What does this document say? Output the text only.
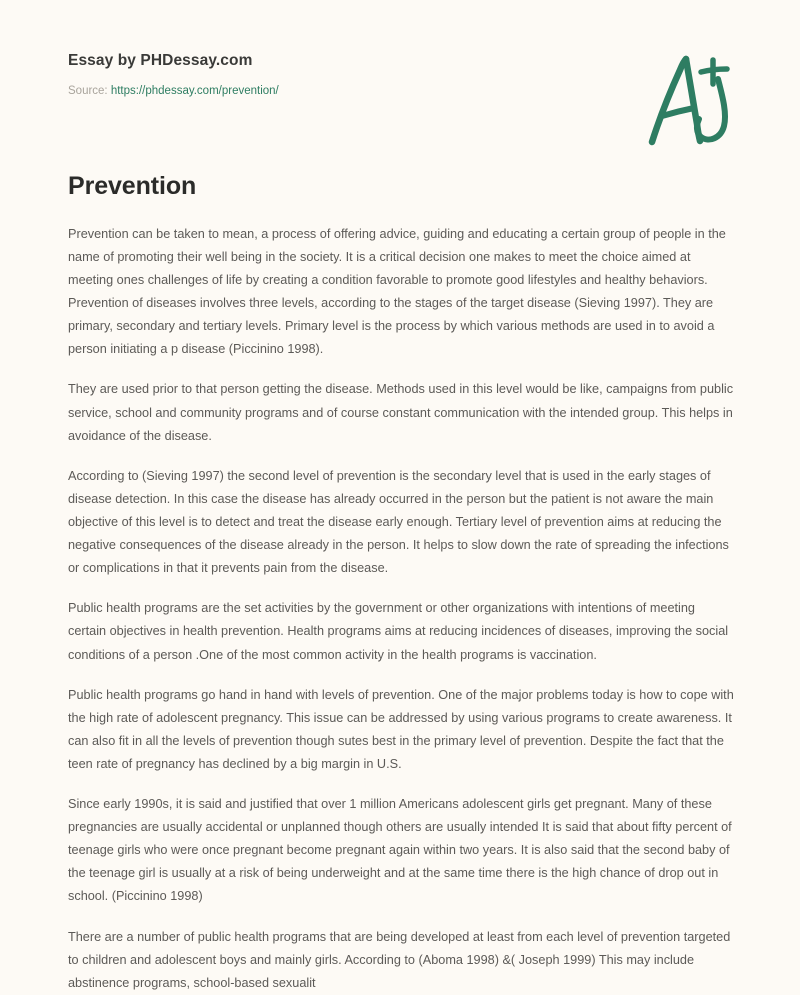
Essay by PHDessay.com
Source: https://phdessay.com/prevention/
Prevention

Prevention can be taken to mean, a process of offering advice, guiding and educating a certain group of people in the name of promoting their well being in the society. It is a critical decision one makes to meet the choice aimed at meeting ones challenges of life by creating a condition favorable to promote good lifestyles and healthy behaviors. Prevention of diseases involves three levels, according to the stages of the target disease (Sieving 1997). They are primary, secondary and tertiary levels. Primary level is the process by which various methods are used in to avoid a person initiating a p disease (Piccinino 1998).

They are used prior to that person getting the disease. Methods used in this level would be like, campaigns from public service, school and community programs and of course constant communication with the intended group. This helps in avoidance of the disease.

According to (Sieving 1997) the second level of prevention is the secondary level that is used in the early stages of disease detection. In this case the disease has already occurred in the person but the patient is not aware the main objective of this level is to detect and treat the disease early enough. Tertiary level of prevention aims at reducing the negative consequences of the disease already in the person. It helps to slow down the rate of spreading the infections or complications in that it prevents pain from the disease.

Public health programs are the set activities by the government or other organizations with intentions of meeting certain objectives in health prevention. Health programs aims at reducing incidences of diseases, improving the social conditions of a person .One of the most common activity in the health programs is vaccination.

Public health programs go hand in hand with levels of prevention. One of the major problems today is how to cope with the high rate of adolescent pregnancy. This issue can be addressed by using various programs to create awareness. It can also fit in all the levels of prevention though sutes best in the primary level of prevention. Despite the fact that the teen rate of pregnancy has declined by a big margin in U.S.

Since early 1990s, it is said and justified that over 1 million Americans adolescent girls get pregnant. Many of these pregnancies are usually accidental or unplanned though others are usually intended It is said that about fifty percent of teenage girls who were once pregnant become pregnant again within two years. It is also said that the second baby of the teenage girl is usually at a risk of being underweight and at the same time there is the high chance of drop out in school. (Piccinino 1998)

There are a number of public health programs that are being developed at least from each level of prevention targeted to children and adolescent boys and mainly girls. According to (Aboma 1998) &( Joseph 1999) This may include abstinence programs, school-based sexualit
